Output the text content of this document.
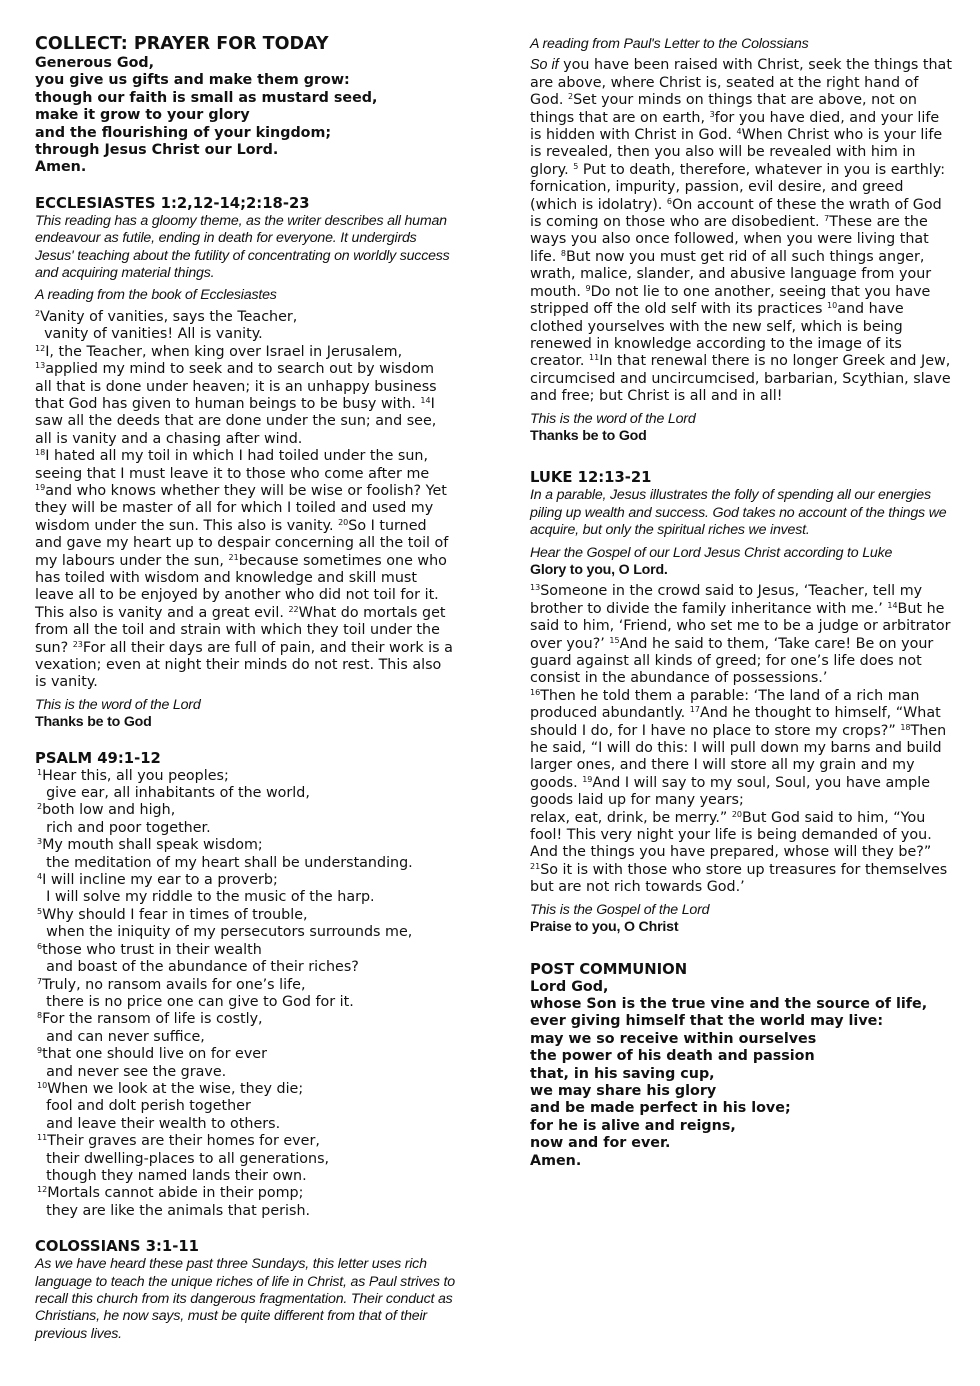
COLLECT: PRAYER FOR TODAY
Generous God,
you give us gifts and make them grow:
though our faith is small as mustard seed,
make it grow to your glory
and the flourishing of your kingdom;
through Jesus Christ our Lord.
Amen.
ECCLESIASTES 1:2,12-14;2:18-23
This reading has a gloomy theme, as the writer describes all human endeavour as futile, ending in death for everyone. It undergirds Jesus' teaching about the futility of concentrating on worldly success and acquiring material things.
A reading from the book of Ecclesiastes
$^2$Vanity of vanities, says the Teacher,
vanity of vanities! All is vanity.
$^{12}$I, the Teacher, when king over Israel in Jerusalem,

$^{13}$applied my mind to seek and to search out by wisdom all that is done under heaven; it is an unhappy business that God has given to human beings to be busy with. $^{14}$I saw all the deeds that are done under the sun; and see, all is vanity and a chasing after wind.

$^{18}$I hated all my toil in which I had toiled under the sun, seeing that I must leave it to those who come after me $^{19}$and who knows whether they will be wise or foolish? Yet they will be master of all for which I toiled and used my wisdom under the sun. This also is vanity. $^{20}$So I turned and gave my heart up to despair concerning all the toil of my labours under the sun, $^{21}$because sometimes one who has toiled with wisdom and knowledge and skill must leave all to be enjoyed by another who did not toil for it. This also is vanity and a great evil. $^{22}$What do mortals get from all the toil and strain with which they toil under the sun? $^{23}$For all their days are full of pain, and their work is a vexation; even at night their minds do not rest. This also is vanity.

This is the word of the Lord
Thanks be to God
PSALM 49:1-12
$^1$Hear this, all you peoples;
give ear, all inhabitants of the world,
$^2$both low and high,
rich and poor together.
$^3$My mouth shall speak wisdom;
the meditation of my heart shall be understanding.
$^4$I will incline my ear to a proverb;
I will solve my riddle to the music of the harp.
$^5$Why should I fear in times of trouble,
when the iniquity of my persecutors surrounds me,
$^6$those who trust in their wealth
and boast of the abundance of their riches?
$^7$Truly, no ransom avails for one’s life,
there is no price one can give to God for it.
$^8$For the ransom of life is costly,
and can never suffice,
$^9$that one should live on for ever
and never see the grave.
$^{10}$When we look at the wise, they die;
fool and dolt perish together
and leave their wealth to others.
$^{11}$Their graves are their homes for ever,
their dwelling-places to all generations,
though they named lands their own.
$^{12}$Mortals cannot abide in their pomp;
they are like the animals that perish.
COLOSSIANS 3:1-11
As we have heard these past three Sundays, this letter uses rich language to teach the unique riches of life in Christ, as Paul strives to recall this church from its dangerous fragmentation. Their conduct as Christians, he now says, must be quite different from that of their previous lives.
A reading from Paul's Letter to the Colossians

So if you have been raised with Christ, seek the things that are above, where Christ is, seated at the right hand of God. $^2$Set your minds on things that are above, not on things that are on earth, $^3$for you have died, and your life is hidden with Christ in God. $^4$When Christ who is your life is revealed, then you also will be revealed with him in glory. $^5$ Put to death, therefore, whatever in you is earthly: fornication, impurity, passion, evil desire, and greed (which is idolatry). $^6$On account of these the wrath of God is coming on those who are disobedient. $^7$These are the ways you also once followed, when you were living that life. $^8$But now you must get rid of all such things anger, wrath, malice, slander, and abusive language from your mouth. $^9$Do not lie to one another, seeing that you have stripped off the old self with its practices $^{10}$and have clothed yourselves with the new self, which is being renewed in knowledge according to the image of its creator. $^{11}$In that renewal there is no longer Greek and Jew, circumcised and uncircumcised, barbarian, Scythian, slave and free; but Christ is all and in all!

This is the word of the Lord
Thanks be to God
LUKE 12:13-21
In a parable, Jesus illustrates the folly of spending all our energies piling up wealth and success. God takes no account of the things we acquire, but only the spiritual riches we invest.
Hear the Gospel of our Lord Jesus Christ according to Luke
Glory to you, O Lord.

$^{13}$Someone in the crowd said to Jesus, ‘Teacher, tell my brother to divide the family inheritance with me.’ $^{14}$But he said to him, ‘Friend, who set me to be a judge or arbitrator over you?’ $^{15}$And he said to them, ‘Take care! Be on your guard against all kinds of greed; for one’s life does not consist in the abundance of possessions.’

$^{16}$Then he told them a parable: ‘The land of a rich man produced abundantly. $^{17}$And he thought to himself, “What should I do, for I have no place to store my crops?” $^{18}$Then he said, “I will do this: I will pull down my barns and build larger ones, and there I will store all my grain and my goods. $^{19}$And I will say to my soul, Soul, you have ample goods laid up for many years;

relax, eat, drink, be merry.” $^{20}$But God said to him, “You fool! This very night your life is being demanded of you. And the things you have prepared, whose will they be?” $^{21}$So it is with those who store up treasures for themselves but are not rich towards God.’

This is the Gospel of the Lord
Praise to you, O Christ
POST COMMUNION
Lord God,
whose Son is the true vine and the source of life,
ever giving himself that the world may live:
may we so receive within ourselves
the power of his death and passion
that, in his saving cup,
we may share his glory
and be made perfect in his love;
for he is alive and reigns,
now and for ever.
Amen.
